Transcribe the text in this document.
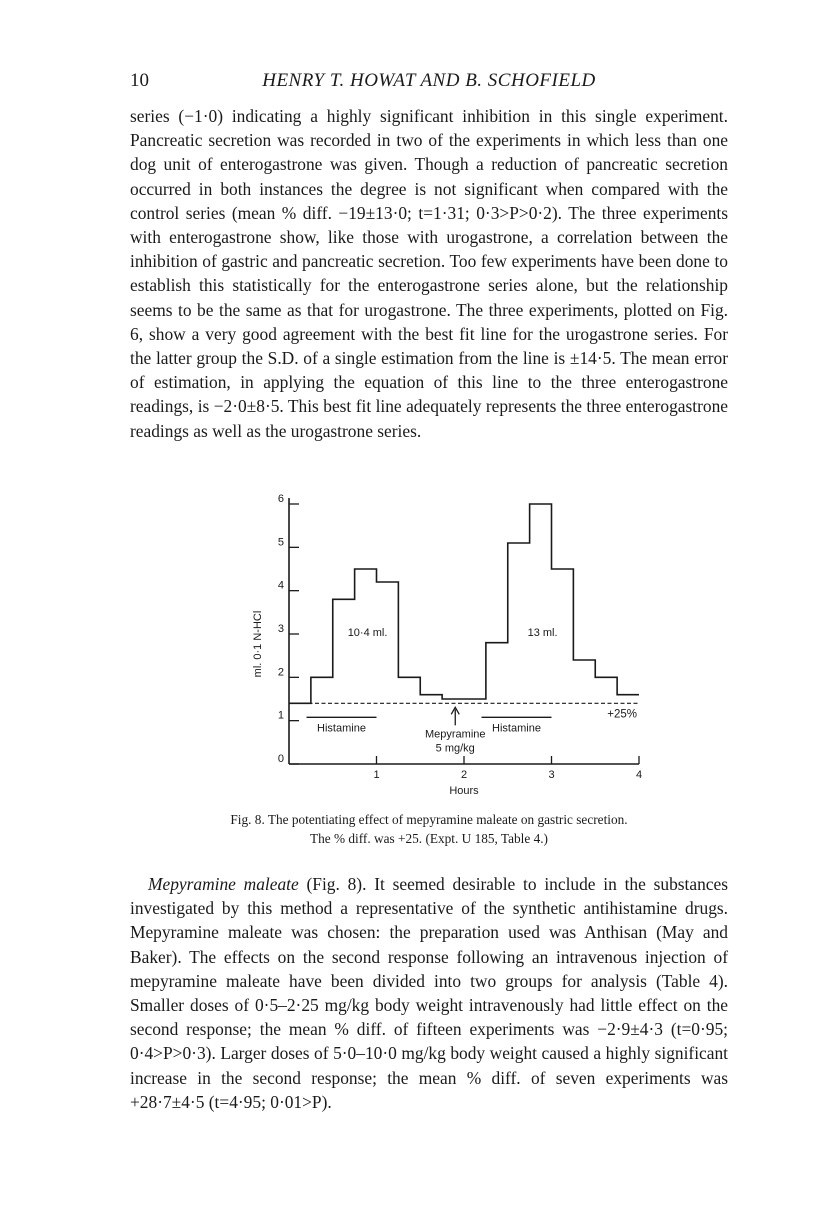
10	HENRY T. HOWAT AND B. SCHOFIELD

series (−1·0) indicating a highly significant inhibition in this single experiment. Pancreatic secretion was recorded in two of the experiments in which less than one dog unit of enterogastrone was given. Though a reduction of pancreatic secretion occurred in both instances the degree is not significant when compared with the control series (mean % diff. −19±13·0; t=1·31; 0·3>P>0·2). The three experiments with enterogastrone show, like those with urogastrone, a correlation between the inhibition of gastric and pancreatic secretion. Too few experiments have been done to establish this statistically for the enterogastrone series alone, but the relationship seems to be the same as that for urogastrone. The three experiments, plotted on Fig. 6, show a very good agreement with the best fit line for the urogastrone series. For the latter group the S.D. of a single estimation from the line is ±14·5. The mean error of estimation, in applying the equation of this line to the three enterogastrone readings, is −2·0±8·5. This best fit line adequately represents the three enterogastrone readings as well as the urogastrone series.

0
1
2
3
4
5
6
1	2	3	4
Hours
ml. 0·1 N-HCl
+25%
Histamine	Histamine
Mepyramine
5 mg/kg
10·4 ml.	13 ml.
Fig. 8. The potentiating effect of mepyramine maleate on gastric secretion.
The % diff. was +25. (Expt. U 185, Table 4.)

Mepyramine maleate (Fig. 8). It seemed desirable to include in the substances investigated by this method a representative of the synthetic antihistamine drugs. Mepyramine maleate was chosen: the preparation used was Anthisan (May and Baker). The effects on the second response following an intravenous injection of mepyramine maleate have been divided into two groups for analysis (Table 4). Smaller doses of 0·5–2·25 mg/kg body weight intravenously had little effect on the second response; the mean % diff. of fifteen experiments was −2·9±4·3 (t=0·95; 0·4>P>0·3). Larger doses of 5·0–10·0 mg/kg body weight caused a highly significant increase in the second response; the mean % diff. of seven experiments was +28·7±4·5 (t=4·95; 0·01>P).
